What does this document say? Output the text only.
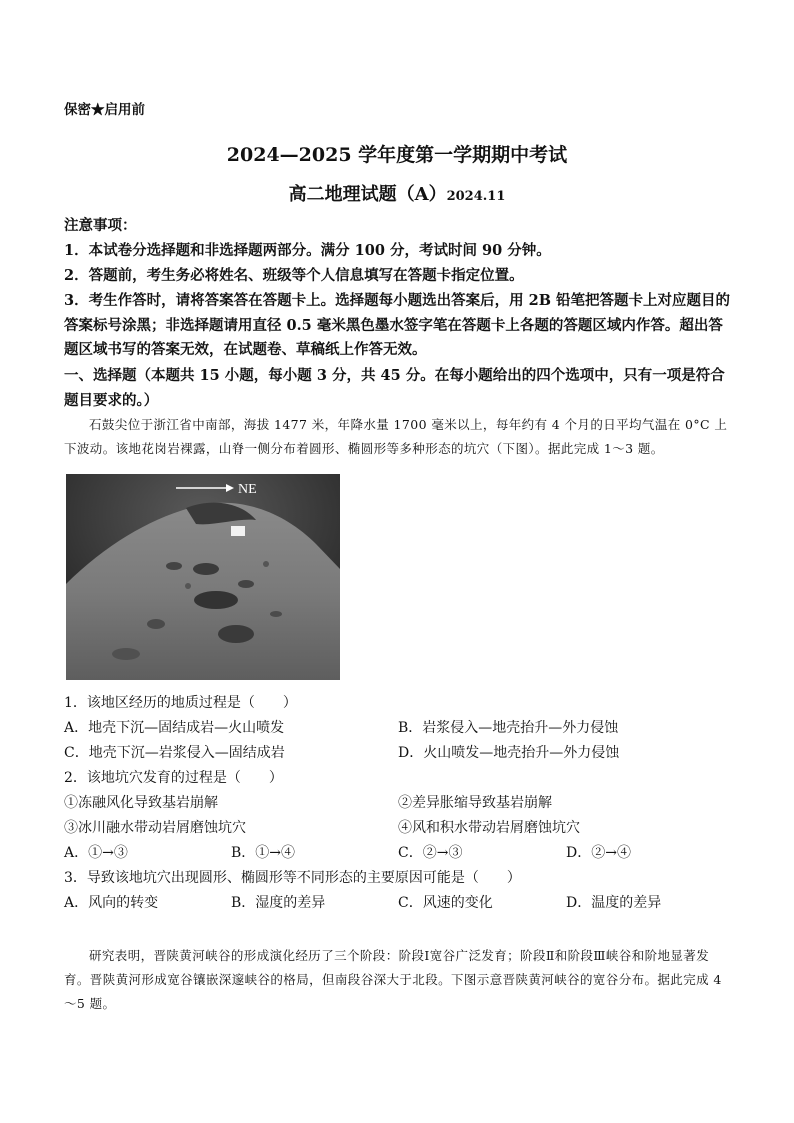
保密★启用前
2024—2025 学年度第一学期期中考试
高二地理试题（A）2024.11
注意事项：
1．本试卷分选择题和非选择题两部分。满分 100 分，考试时间 90 分钟。
2．答题前，考生务必将姓名、班级等个人信息填写在答题卡指定位置。
3．考生作答时，请将答案答在答题卡上。选择题每小题选出答案后，用 2B 铅笔把答题卡上对应题目的答案标号涂黑；非选择题请用直径 0.5 毫米黑色墨水签字笔在答题卡上各题的答题区域内作答。超出答题区域书写的答案无效，在试题卷、草稿纸上作答无效。
一、选择题（本题共 15 小题，每小题 3 分，共 45 分。在每小题给出的四个选项中，只有一项是符合题目要求的。）
石鼓尖位于浙江省中南部，海拔 1477 米，年降水量 1700 毫米以上，每年约有 4 个月的日平均气温在 0°C 上下波动。该地花岗岩裸露，山脊一侧分布着圆形、椭圆形等多种形态的坑穴（下图）。据此完成 1～3 题。
NE
1．该地区经历的地质过程是（　　）
A．地壳下沉—固结成岩—火山喷发	B．岩浆侵入—地壳抬升—外力侵蚀
C．地壳下沉—岩浆侵入—固结成岩	D．火山喷发—地壳抬升—外力侵蚀
2．该地坑穴发育的过程是（　　）
①冻融风化导致基岩崩解	②差异胀缩导致基岩崩解
③冰川融水带动岩屑磨蚀坑穴	④风和积水带动岩屑磨蚀坑穴
A．①→③	B．①→④	C．②→③	D．②→④
3．导致该地坑穴出现圆形、椭圆形等不同形态的主要原因可能是（　　）
A．风向的转变	B．湿度的差异	C．风速的变化	D．温度的差异
研究表明，晋陕黄河峡谷的形成演化经历了三个阶段：阶段Ⅰ宽谷广泛发育；阶段Ⅱ和阶段Ⅲ峡谷和阶地显著发育。晋陕黄河形成宽谷镶嵌深邃峡谷的格局，但南段谷深大于北段。下图示意晋陕黄河峡谷的宽谷分布。据此完成 4～5 题。
